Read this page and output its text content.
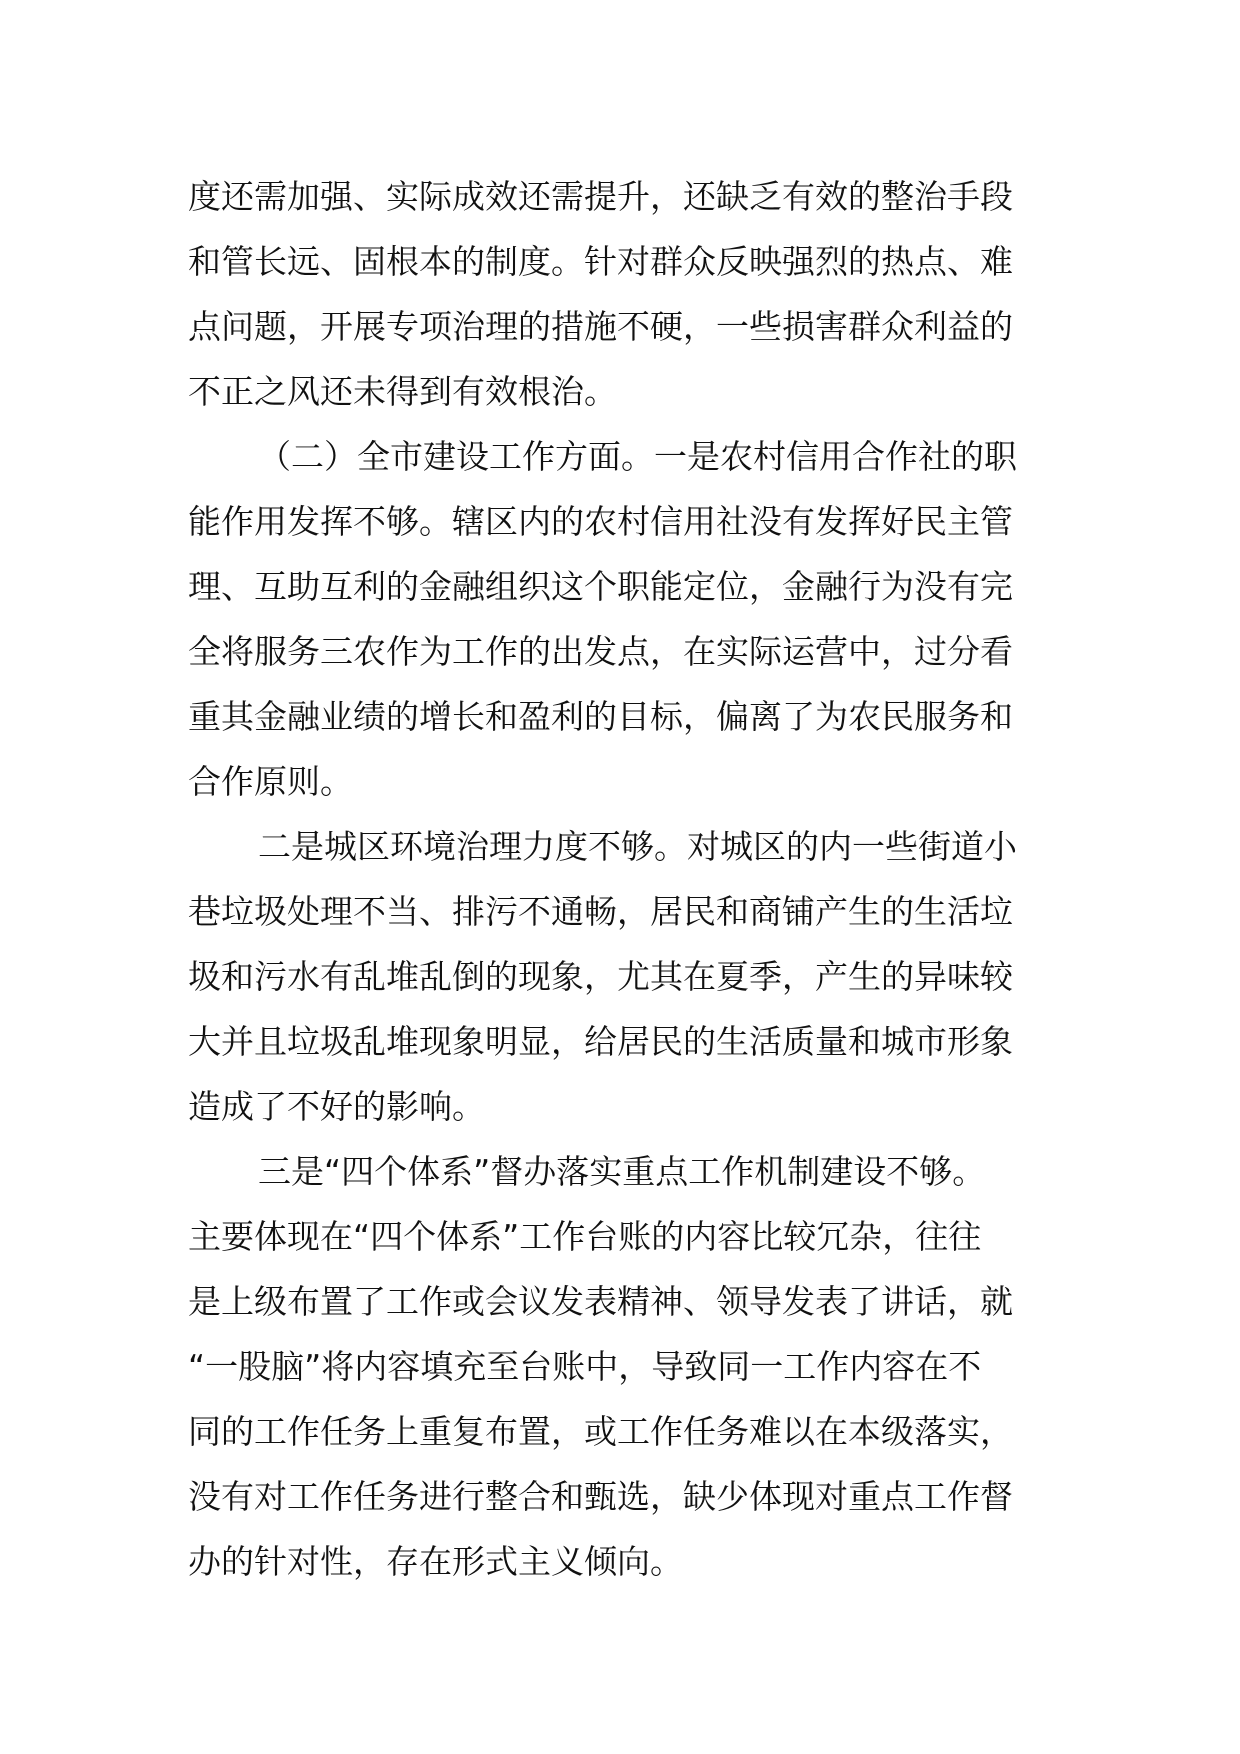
度还需加强、实际成效还需提升，还缺乏有效的整治手段
和管长远、固根本的制度。针对群众反映强烈的热点、难
点问题，开展专项治理的措施不硬，一些损害群众利益的
不正之风还未得到有效根治。
（二）全市建设工作方面。一是农村信用合作社的职
能作用发挥不够。辖区内的农村信用社没有发挥好民主管
理、互助互利的金融组织这个职能定位，金融行为没有完
全将服务三农作为工作的出发点，在实际运营中，过分看
重其金融业绩的增长和盈利的目标，偏离了为农民服务和
合作原则。
二是城区环境治理力度不够。对城区的内一些街道小
巷垃圾处理不当、排污不通畅，居民和商铺产生的生活垃
圾和污水有乱堆乱倒的现象，尤其在夏季，产生的异味较
大并且垃圾乱堆现象明显，给居民的生活质量和城市形象
造成了不好的影响。
三是“四个体系”督办落实重点工作机制建设不够。
主要体现在“四个体系”工作台账的内容比较冗杂，往往
是上级布置了工作或会议发表精神、领导发表了讲话，就
“一股脑”将内容填充至台账中，导致同一工作内容在不
同的工作任务上重复布置，或工作任务难以在本级落实，
没有对工作任务进行整合和甄选，缺少体现对重点工作督
办的针对性，存在形式主义倾向。
